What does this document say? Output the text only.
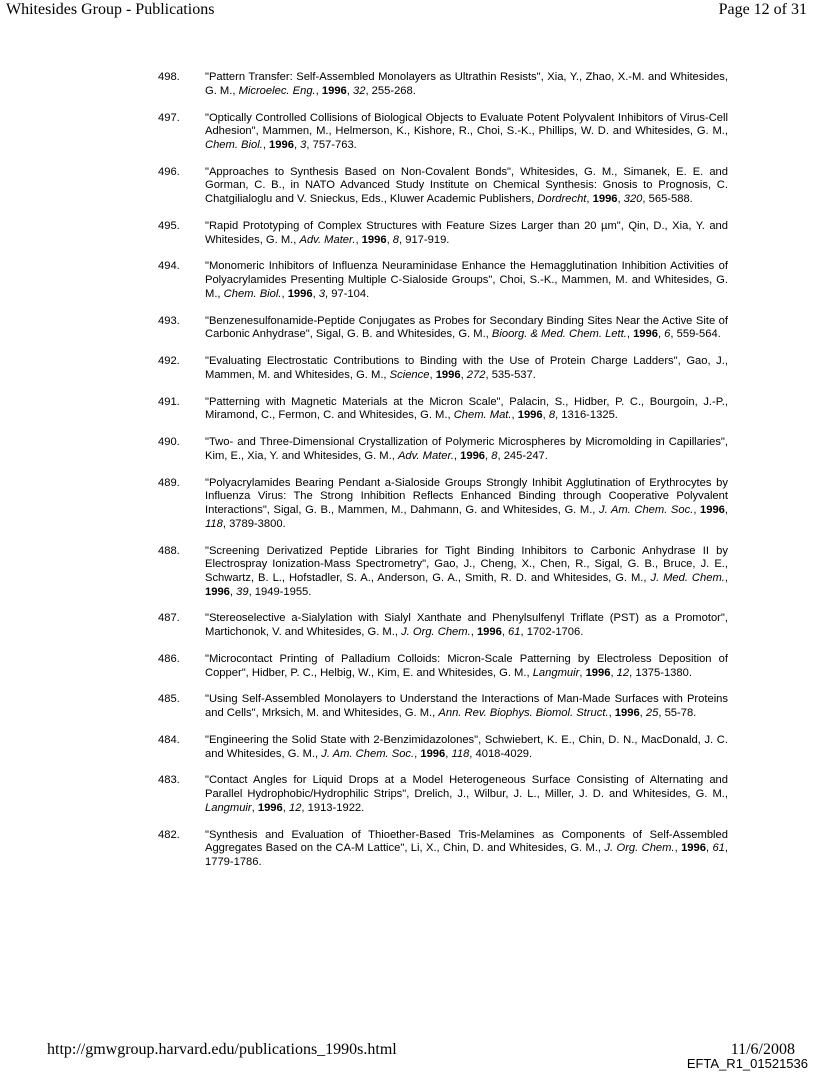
Whitesides Group - Publications	Page 12 of 31
498.	"Pattern Transfer: Self-Assembled Monolayers as Ultrathin Resists", Xia, Y., Zhao, X.-M. and Whitesides, G. M., Microelec. Eng., 1996, 32, 255-268.
497.	"Optically Controlled Collisions of Biological Objects to Evaluate Potent Polyvalent Inhibitors of Virus-Cell Adhesion", Mammen, M., Helmerson, K., Kishore, R., Choi, S.-K., Phillips, W. D. and Whitesides, G. M., Chem. Biol., 1996, 3, 757-763.
496.	"Approaches to Synthesis Based on Non-Covalent Bonds", Whitesides, G. M., Simanek, E. E. and Gorman, C. B., in NATO Advanced Study Institute on Chemical Synthesis: Gnosis to Prognosis, C. Chatgilialoglu and V. Snieckus, Eds., Kluwer Academic Publishers, Dordrecht, 1996, 320, 565-588.
495.	"Rapid Prototyping of Complex Structures with Feature Sizes Larger than 20 µm", Qin, D., Xia, Y. and Whitesides, G. M., Adv. Mater., 1996, 8, 917-919.
494.	"Monomeric Inhibitors of Influenza Neuraminidase Enhance the Hemagglutination Inhibition Activities of Polyacrylamides Presenting Multiple C-Sialoside Groups", Choi, S.-K., Mammen, M. and Whitesides, G. M., Chem. Biol., 1996, 3, 97-104.
493.	"Benzenesulfonamide-Peptide Conjugates as Probes for Secondary Binding Sites Near the Active Site of Carbonic Anhydrase", Sigal, G. B. and Whitesides, G. M., Bioorg. & Med. Chem. Lett., 1996, 6, 559-564.
492.	"Evaluating Electrostatic Contributions to Binding with the Use of Protein Charge Ladders", Gao, J., Mammen, M. and Whitesides, G. M., Science, 1996, 272, 535-537.
491.	"Patterning with Magnetic Materials at the Micron Scale", Palacin, S., Hidber, P. C., Bourgoin, J.-P., Miramond, C., Fermon, C. and Whitesides, G. M., Chem. Mat., 1996, 8, 1316-1325.
490.	"Two- and Three-Dimensional Crystallization of Polymeric Microspheres by Micromolding in Capillaries", Kim, E., Xia, Y. and Whitesides, G. M., Adv. Mater., 1996, 8, 245-247.
489.	"Polyacrylamides Bearing Pendant a-Sialoside Groups Strongly Inhibit Agglutination of Erythrocytes by Influenza Virus: The Strong Inhibition Reflects Enhanced Binding through Cooperative Polyvalent Interactions", Sigal, G. B., Mammen, M., Dahmann, G. and Whitesides, G. M., J. Am. Chem. Soc., 1996, 118, 3789-3800.
488.	"Screening Derivatized Peptide Libraries for Tight Binding Inhibitors to Carbonic Anhydrase II by Electrospray Ionization-Mass Spectrometry", Gao, J., Cheng, X., Chen, R., Sigal, G. B., Bruce, J. E., Schwartz, B. L., Hofstadler, S. A., Anderson, G. A., Smith, R. D. and Whitesides, G. M., J. Med. Chem., 1996, 39, 1949-1955.
487.	"Stereoselective a-Sialylation with Sialyl Xanthate and Phenylsulfenyl Triflate (PST) as a Promotor", Martichonok, V. and Whitesides, G. M., J. Org. Chem., 1996, 61, 1702-1706.
486.	"Microcontact Printing of Palladium Colloids: Micron-Scale Patterning by Electroless Deposition of Copper", Hidber, P. C., Helbig, W., Kim, E. and Whitesides, G. M., Langmuir, 1996, 12, 1375-1380.
485.	"Using Self-Assembled Monolayers to Understand the Interactions of Man-Made Surfaces with Proteins and Cells", Mrksich, M. and Whitesides, G. M., Ann. Rev. Biophys. Biomol. Struct., 1996, 25, 55-78.
484.	"Engineering the Solid State with 2-Benzimidazolones", Schwiebert, K. E., Chin, D. N., MacDonald, J. C. and Whitesides, G. M., J. Am. Chem. Soc., 1996, 118, 4018-4029.
483.	"Contact Angles for Liquid Drops at a Model Heterogeneous Surface Consisting of Alternating and Parallel Hydrophobic/Hydrophilic Strips", Drelich, J., Wilbur, J. L., Miller, J. D. and Whitesides, G. M., Langmuir, 1996, 12, 1913-1922.
482.	"Synthesis and Evaluation of Thioether-Based Tris-Melamines as Components of Self-Assembled Aggregates Based on the CA-M Lattice", Li, X., Chin, D. and Whitesides, G. M., J. Org. Chem., 1996, 61, 1779-1786.
http://gmwgroup.harvard.edu/publications_1990s.html	11/6/2008
EFTA_R1_01521536
